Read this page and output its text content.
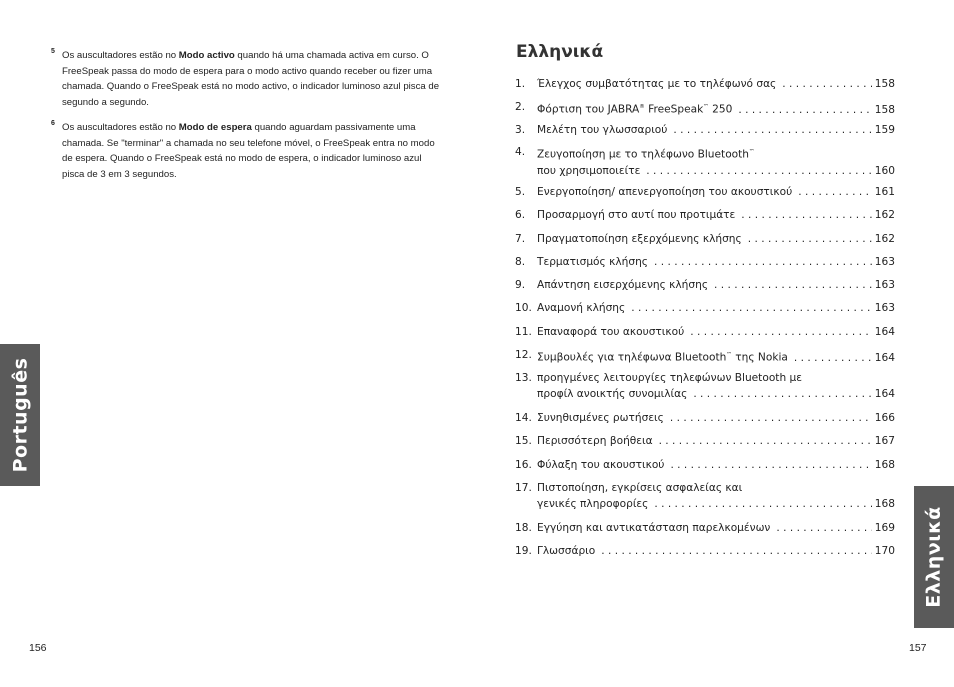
5 Os auscultadores estão no Modo activo quando há uma chamada activa em curso. O FreeSpeak passa do modo de espera para o modo activo quando receber ou fizer uma chamada. Quando o FreeSpeak está no modo activo, o indicador luminoso azul pisca de segundo a segundo.
6 Os auscultadores estão no Modo de espera quando aguardam passivamente uma chamada. Se "terminar" a chamada no seu telefone móvel, o FreeSpeak entra no modo de espera. Quando o FreeSpeak está no modo de espera, o indicador luminoso azul pisca de 3 em 3 segundos.
Português
156
Ελληνικά
1. Έλεγχος συμβατότητας με το τηλέφωνό σας . . .	158
2. Φόρτιση του JABRA® FreeSpeak™ 250 . . .	158
3. Μελέτη του γλωσσαριού . . .	159
4.	Ζευγοποίηση με το τηλέφωνο Bluetooth™
που χρησιμοποιείτε . . .	160
5. Ενεργοποίηση/ απενεργοποίηση του ακουστικού . . .	161
6. Προσαρμογή στο αυτί που προτιμάτε . . .	162
7. Πραγματοποίηση εξερχόμενης κλήσης . . .	162
8. Τερματισμός κλήσης . . .	163
9. Απάντηση εισερχόμενης κλήσης . . .	163
10. Αναμονή κλήσης . . .	163
11. Επαναφορά του ακουστικού . . .	164
12. Συμβουλές για τηλέφωνα Bluetooth™ της Nokia . . .	164
13. προηγμένες λειτουργίες τηλεφώνων Bluetooth με
προφίλ ανοικτής συνομιλίας . . .	164
14. Συνηθισμένες ρωτήσεις . . .	166
15. Περισσότερη βοήθεια . . .	167
16. Φύλαξη του ακουστικού . . .	168
17. Πιστοποίηση, εγκρίσεις ασφαλείας και
γενικές πληροφορίες . . .	168
18. Εγγύηση και αντικατάσταση παρελκομένων . . .	169
19. Γλωσσάριο . . .	170 Ελληνικά
157
